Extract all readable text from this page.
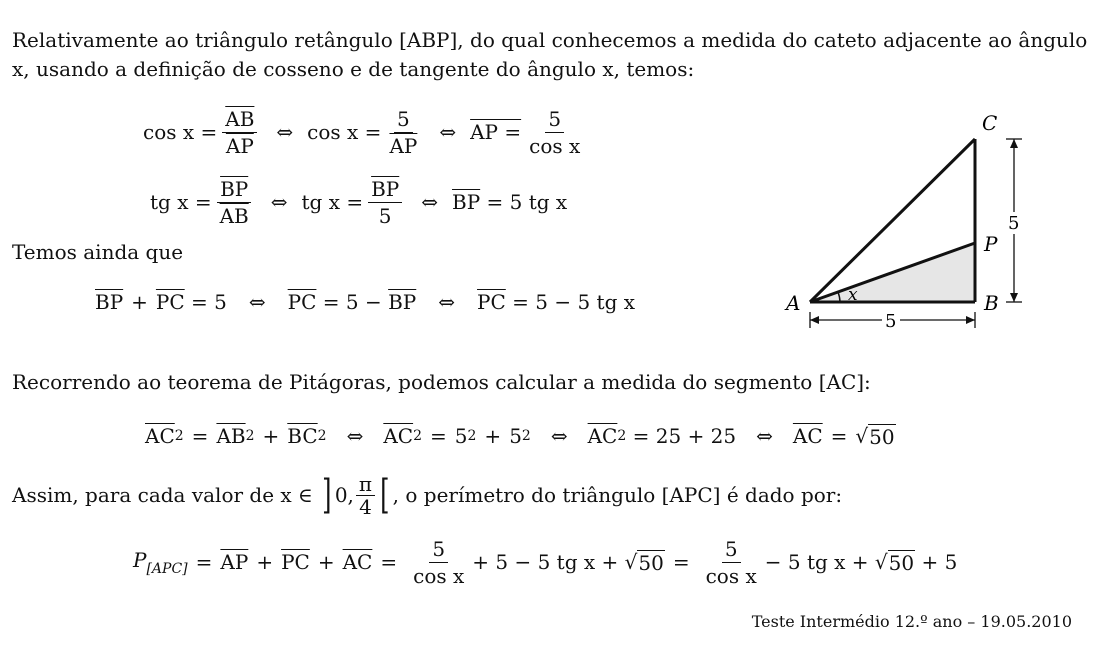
Relativamente ao triângulo retângulo [ABP], do qual conhecemos a medida do cateto adjacente ao ângulo
x, usando a definição de cosseno e de tangente do ângulo x, temos:
$\cos x = \frac{\overline{AB}}{AP}$ ⇔ $\cos x = \frac{5}{AP}$ ⇔ AP = $\frac{5}{\text{cos x}}$
tg $x = \frac{\overline{BP}}{AB}$ ⇔ tg $x = \frac{\overline{BP}}{5}$ ⇔ $\overline{BP}$
= 5 tg x
Temos ainda que
$\overline{BP} + \overline{PC}$
= 5 ⇔ $\overline{PC}$
= 5 −
$\overline{BP}$ ⇔ $\overline{PC}$
= 5 − 5 tg x	x
A	B
C
P
5
5
Recorrendo ao teorema de Pitágoras, podemos calcular a medida do segmento [AC]:
$\overline{AC}$ $2 = \overline{AB}$ $2 + \overline{BC}$ 2 ⇔ $\overline{AC}$ 2 = 5 2 + 5 2 ⇔ $\overline{AC}$ 2
= 25 + 25 ⇔ $\overline{AC}$ = √ 50
Assim, para cada valor de x ∈
] 0, $\frac{\pi}{4}$ [ , o perímetro do triângulo [APC] é dado por:
$P_{[APC]} = \overline{AP} + \overline{PC} + \overline{AC} = \frac{5}{\text{cos x}} + 5 - 5$ tg x +
√ $50 = \frac{5}{\text{cos x}} - 5$ tg x +
√ 50
+ 5
Teste Intermédio 12.º ano – 19.05.2010
